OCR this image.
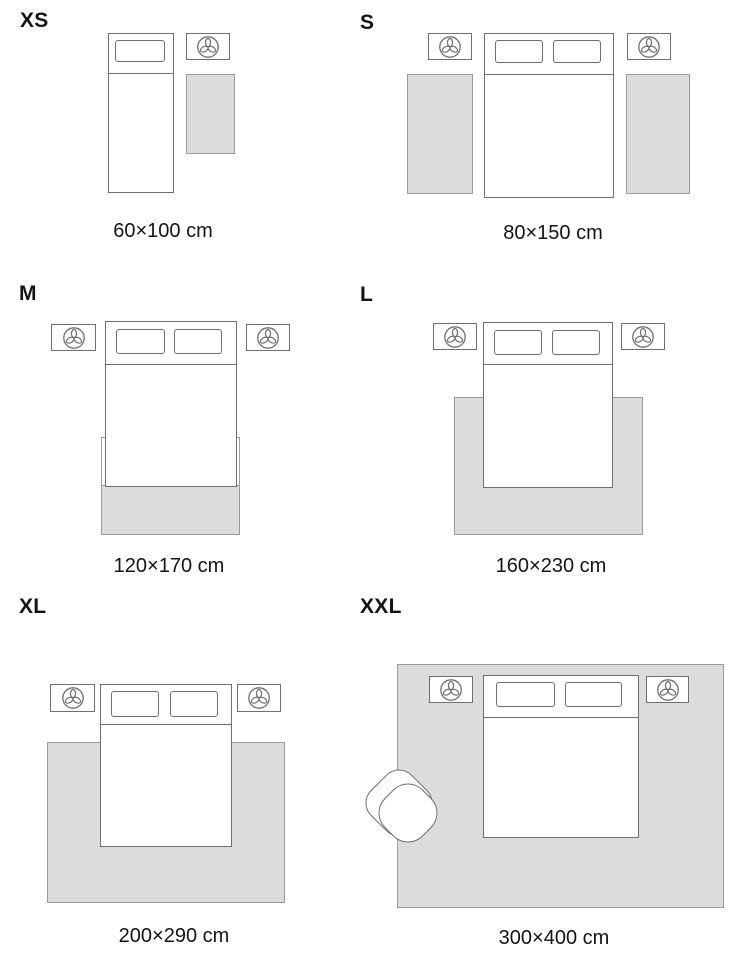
XS
60×100 cm
S
80×150 cm
M
120×170 cm
L
160×230 cm
XL
200×290 cm
XXL
300×400 cm
